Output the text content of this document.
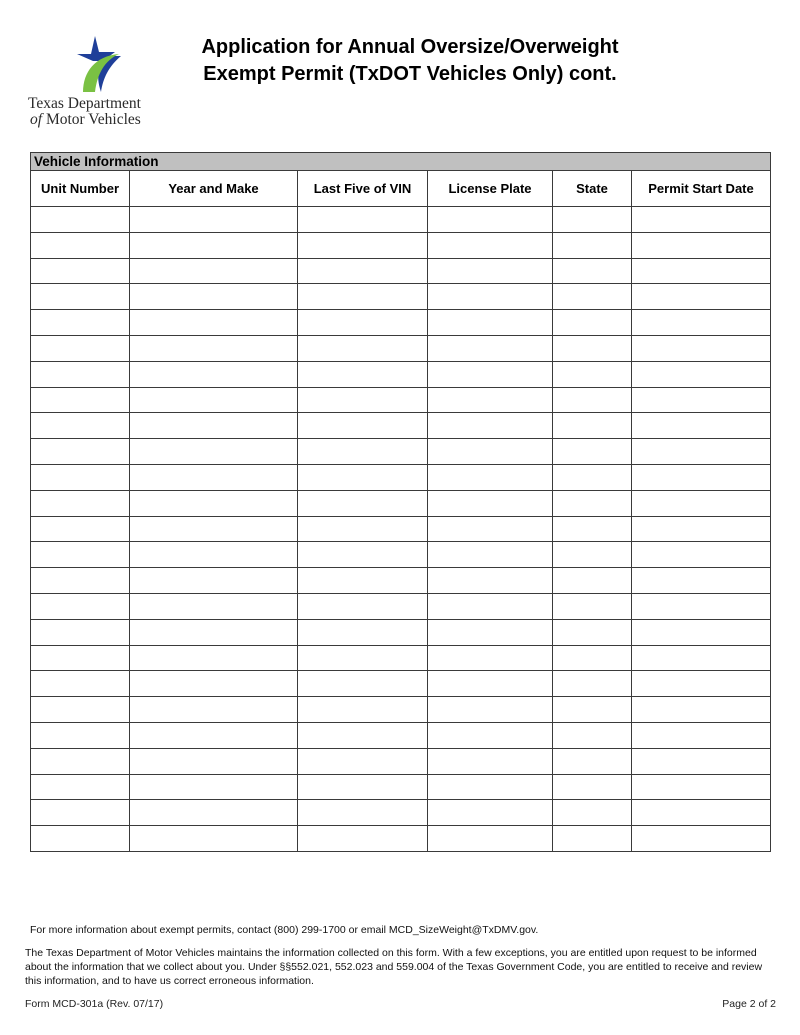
Texas Department
of Motor Vehicles
Application for Annual Oversize/Overweight
Exempt Permit (TxDOT Vehicles Only) cont.
Vehicle Information					
Unit Number	Year and Make	Last Five of VIN	License Plate	State	Permit Start Date

For more information about exempt permits, contact (800) 299-1700 or email MCD_SizeWeight@TxDMV.gov.
The Texas Department of Motor Vehicles maintains the information collected on this form. With a few exceptions, you are entitled upon request to be informed about the information that we collect about you. Under §§552.021, 552.023 and 559.004 of the Texas Government Code, you are entitled to receive and review this information, and to have us correct erroneous information.
Form MCD-301a (Rev. 07/17)	Page 2 of 2
